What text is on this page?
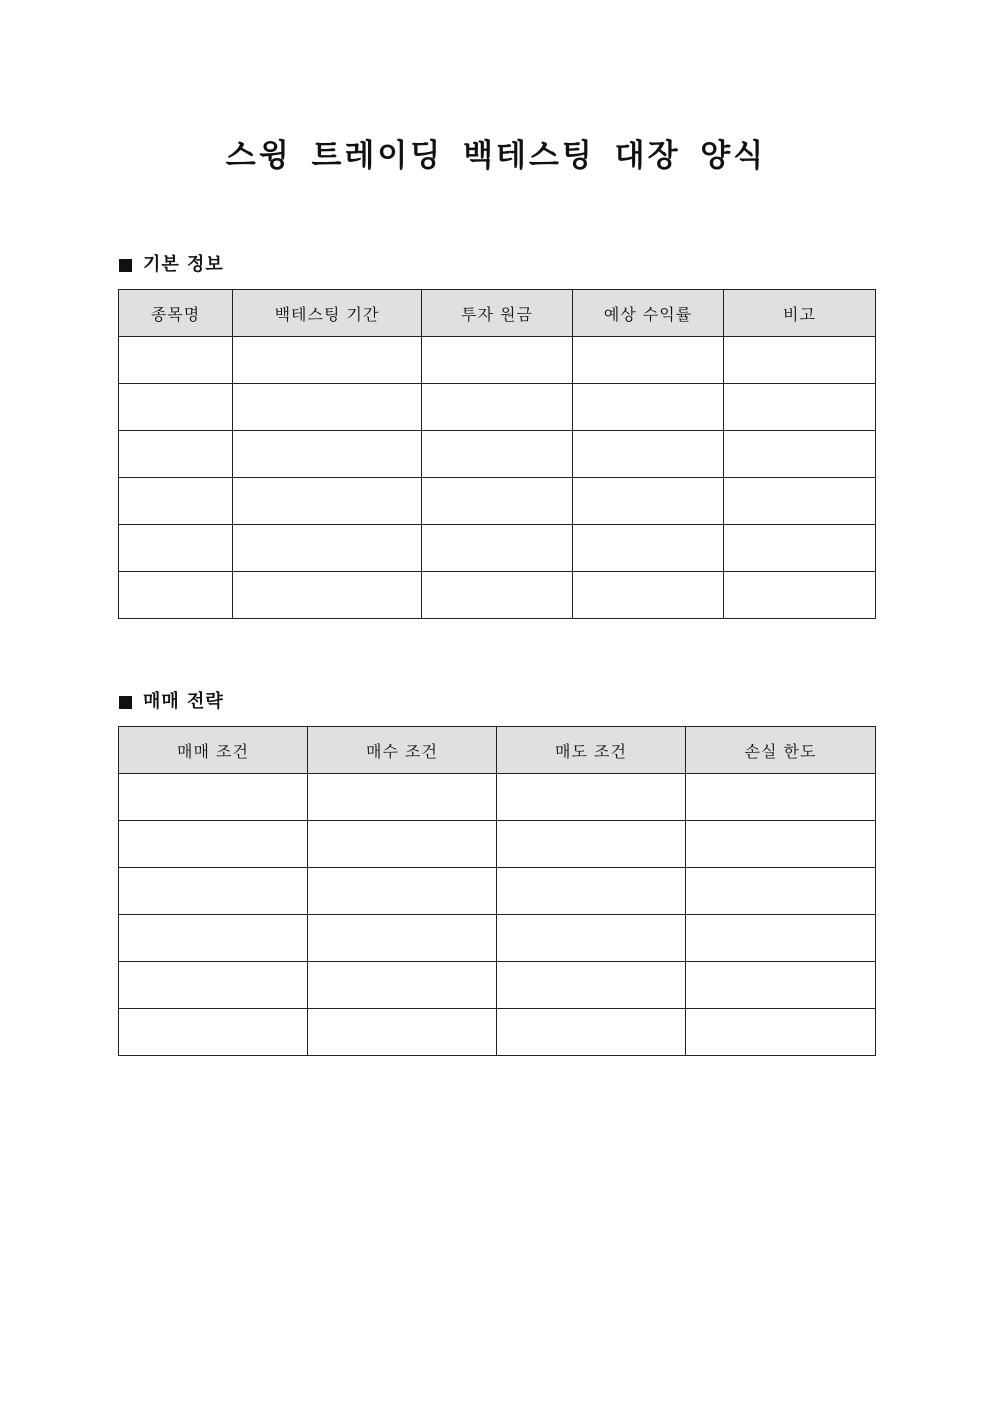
스윙 트레이딩 백테스팅 대장 양식
기본 정보
종목명	백테스팅 기간	투자 원금	예상 수익률	비고

매매 전략
매매 조건	매수 조건	매도 조건	손실 한도
